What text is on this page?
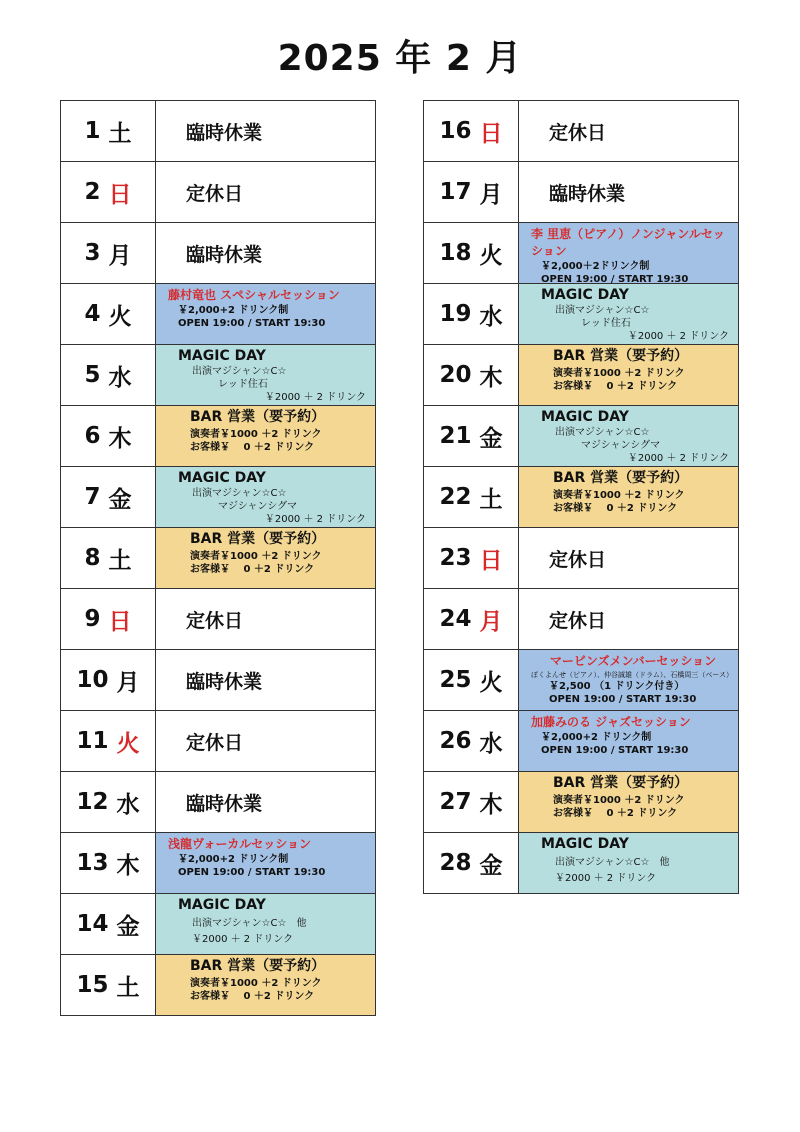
2025 年 2 月
1 土	臨時休業
2 日	定休日
3 月	臨時休業
4 火
藤村竜也 スペシャルセッション
￥2,000+2 ドリンク制
OPEN 19:00 / START 19:30
5 水
MAGIC DAY
出演マジシャン☆C☆
レッド住石
￥2000 ＋ 2 ドリンク
6 木
BAR 営業（要予約）
演奏者￥1000 ＋2 ドリンク
お客様￥　 0 ＋2 ドリンク
7 金
MAGIC DAY
出演マジシャン☆C☆
マジシャンシグマ
￥2000 ＋ 2 ドリンク
8 土
BAR 営業（要予約）
演奏者￥1000 ＋2 ドリンク
お客様￥　 0 ＋2 ドリンク
9 日	定休日
10 月 臨時休業
11 火 定休日
12 水 臨時休業
13 木
浅龍ヴォーカルセッション
￥2,000+2 ドリンク制
OPEN 19:00 / START 19:30
14 金
MAGIC DAY
出演マジシャン☆C☆　他
￥2000 ＋ 2 ドリンク
15 土
BAR 営業（要予約）
演奏者￥1000 ＋2 ドリンク
お客様￥　 0 ＋2 ドリンク
16 日 定休日
17 月 臨時休業
18 火
李 里恵（ピアノ）ノンジャンルセッション
￥2,000＋2ドリンク制
OPEN 19:00 / START 19:30
19 水
MAGIC DAY
出演マジシャン☆C☆
レッド住石
￥2000 ＋ 2 ドリンク
20 木
BAR 営業（要予約）
演奏者￥1000 ＋2 ドリンク
お客様￥　 0 ＋2 ドリンク
21 金
MAGIC DAY
出演マジシャン☆C☆
マジシャンシグマ
￥2000 ＋ 2 ドリンク
22 土
BAR 営業（要予約）
演奏者￥1000 ＋2 ドリンク
お客様￥　 0 ＋2 ドリンク
23 日 定休日
24 月 定休日
25 火
マービンズメンバーセッション
ぼくよんせ（ピアノ）、仲谷誠雄（ドラム）、石橋周三（ベース）
￥2,500 （1 ドリンク付き）
OPEN 19:00 / START 19:30
26 水
加藤みのる ジャズセッション
￥2,000+2 ドリンク制
OPEN 19:00 / START 19:30
27 木
BAR 営業（要予約）
演奏者￥1000 ＋2 ドリンク
お客様￥　 0 ＋2 ドリンク
28 金
MAGIC DAY
出演マジシャン☆C☆　他
￥2000 ＋ 2 ドリンク
